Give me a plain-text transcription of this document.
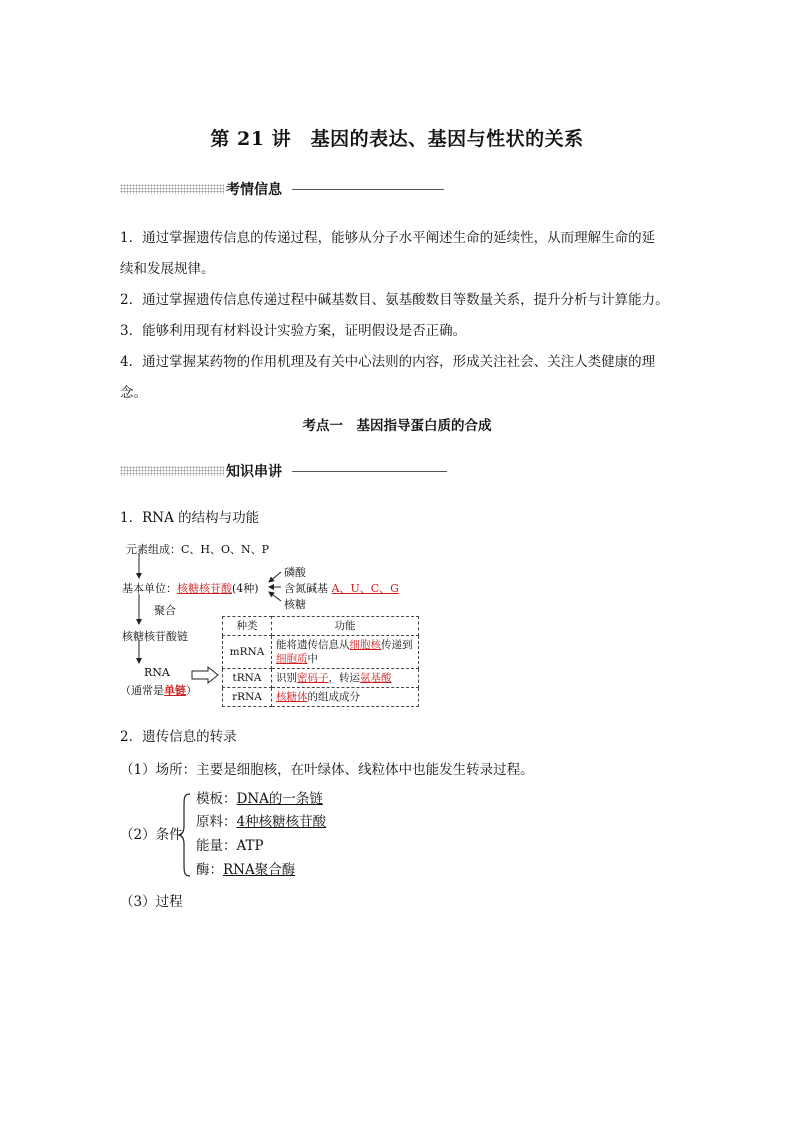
第 21 讲　基因的表达、基因与性状的关系
考情信息
1．通过掌握遗传信息的传递过程，能够从分子水平阐述生命的延续性，从而理解生命的延
续和发展规律。
2．通过掌握遗传信息传递过程中碱基数目、氨基酸数目等数量关系，提升分析与计算能力。
3．能够利用现有材料设计实验方案，证明假设是否正确。
4．通过掌握某药物的作用机理及有关中心法则的内容，形成关注社会、关注人类健康的理
念。
考点一　基因指导蛋白质的合成
知识串讲
1．RNA 的结构与功能
元素组成：C、H、O、N、P
基本单位：核糖核苷酸(4种)
磷酸
含氮碱基 A、U、C、G
核糖
聚合
核糖核苷酸链
RNA
（通常是单链）
种类	功能
mRNA	能将遗传信息从细胞核传递到
细胞质中
tRNA	识别密码子，转运氨基酸
rRNA	核糖体的组成成分
2．遗传信息的转录
（1）场所：主要是细胞核，在叶绿体、线粒体中也能发生转录过程。
（2）条件
模板：DNA的一条链
原料：4种核糖核苷酸
能量：ATP
酶：RNA聚合酶
（3）过程
